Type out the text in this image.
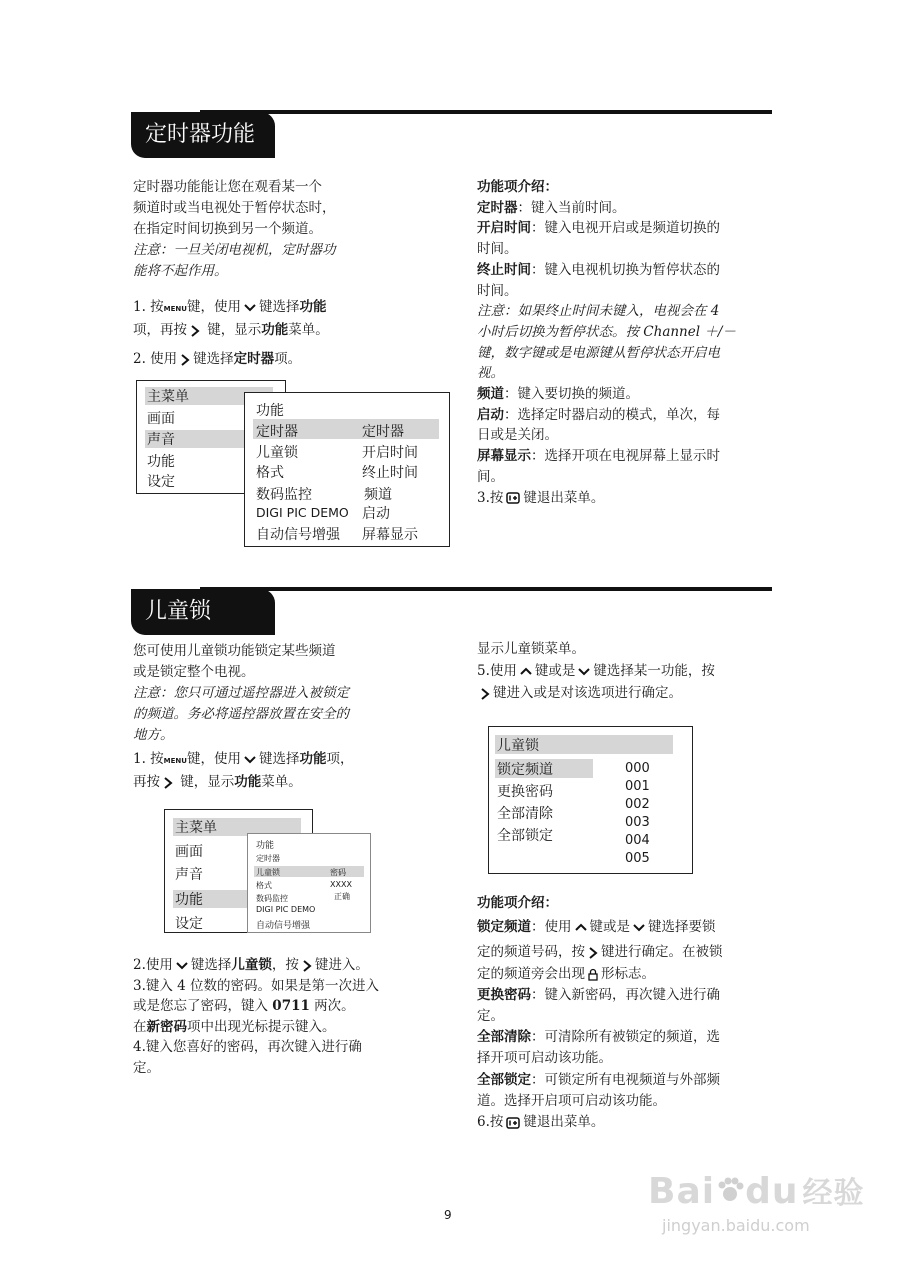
定时器功能
定时器功能能让您在观看某一个
频道时或当电视处于暂停状态时，
在指定时间切换到另一个频道。
注意：一旦关闭电视机，定时器功
能将不起作用。
1. 按MENU键，使用 键选择功能
项，再按 键，显示功能菜单。
2. 使用 键选择定时器项。
主菜单
画面
声音
功能
设定
功能
定时器
儿童锁
格式
数码监控
DIGI PIC DEMO
自动信号增强
定时器
开启时间
终止时间
频道
启动
屏幕显示
功能项介绍：
定时器：键入当前时间。
开启时间：键入电视开启或是频道切换的
时间。
终止时间：键入电视机切换为暂停状态的
时间。
注意：如果终止时间未键入，电视会在 4
小时后切换为暂停状态。按 Channel ＋/－
键，数字键或是电源键从暂停状态开启电
视。
频道：键入要切换的频道。
启动：选择定时器启动的模式，单次，每
日或是关闭。
屏幕显示：选择开项在电视屏幕上显示时
间。
3.按 键退出菜单。
儿童锁
您可使用儿童锁功能锁定某些频道
或是锁定整个电视。
注意：您只可通过遥控器进入被锁定
的频道。务必将遥控器放置在安全的
地方。
1. 按MENU键，使用 键选择功能项，
再按 键，显示功能菜单。
主菜单
画面
声音
功能
设定
功能
定时器
儿童锁
格式
数码监控
DIGI PIC DEMO
自动信号增强
密码
XXXX
正确
2.使用 键选择儿童锁，按 键进入。
3.键入 4 位数的密码。如果是第一次进入
或是您忘了密码，键入 0711 两次。
在新密码项中出现光标提示键入。
4.键入您喜好的密码，再次键入进行确
定。
显示儿童锁菜单。
5.使用 键或是 键选择某一功能，按
键进入或是对该选项进行确定。
儿童锁
锁定频道
更换密码
全部清除
全部锁定
000
001
002
003
004
005
功能项介绍：
锁定频道：使用 键或是 键选择要锁
定的频道号码，按 键进行确定。在被锁
定的频道旁会出现 形标志。
更换密码：键入新密码，再次键入进行确
定。
全部清除：可清除所有被锁定的频道，选
择开项可启动该功能。
全部锁定：可锁定所有电视频道与外部频
道。选择开启项可启动该功能。
6.按 键退出菜单。
9
Bai du 经验
jingyan.baidu.com
